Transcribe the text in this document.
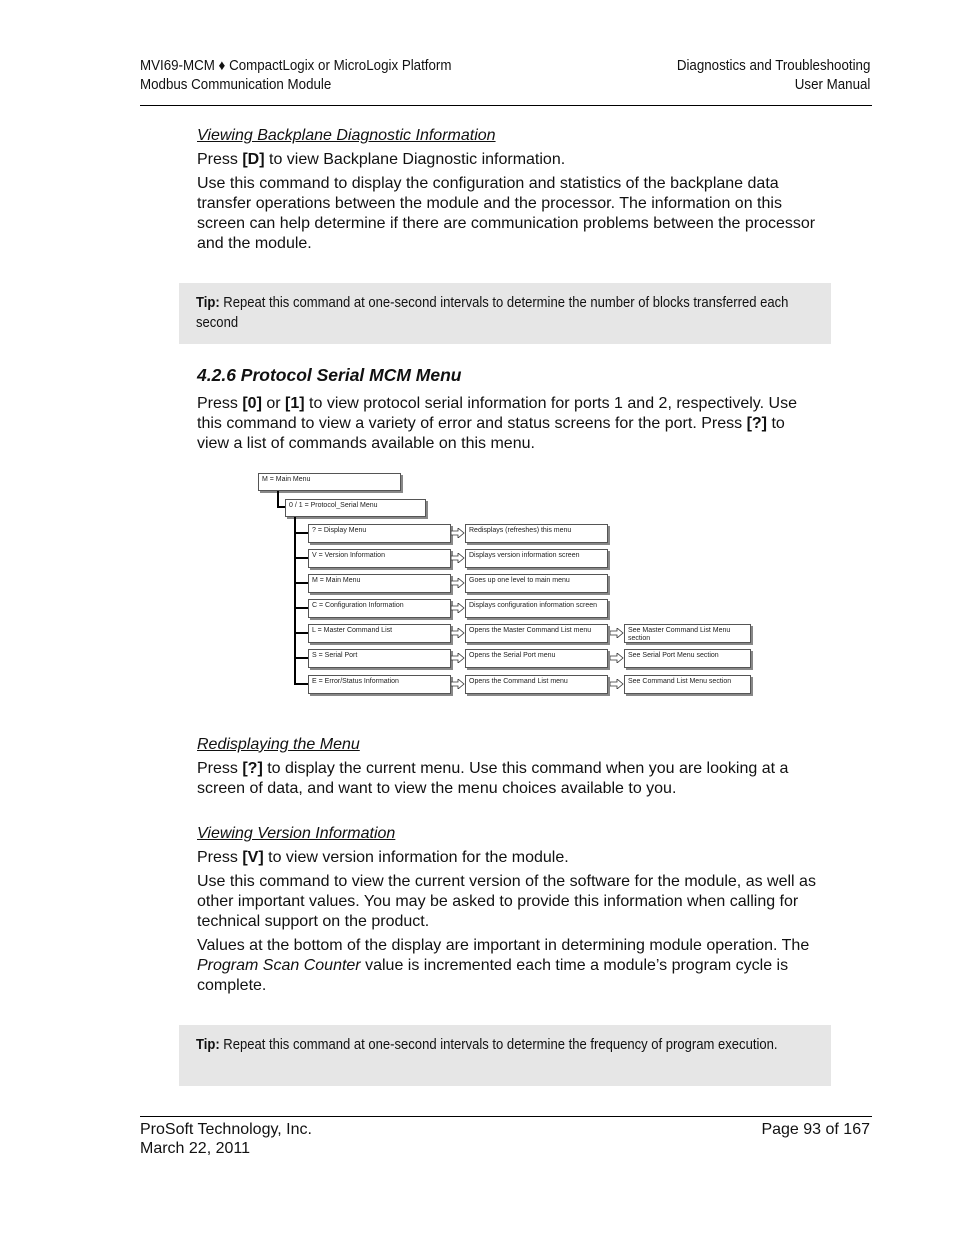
MVI69-MCM ♦ CompactLogix or MicroLogix Platform
Modbus Communication Module
Diagnostics and Troubleshooting
User Manual

Viewing Backplane Diagnostic Information

Press [D] to view Backplane Diagnostic information.

Use this command to display the configuration and statistics of the backplane data transfer operations between the module and the processor. The information on this screen can help determine if there are communication problems between the processor and the module.

Tip: Repeat this command at one-second intervals to determine the number of blocks transferred each second

4.2.6 Protocol Serial MCM Menu

Press [0] or [1] to view protocol serial information for ports 1 and 2, respectively. Use this command to view a variety of error and status screens for the port. Press [?] to view a list of commands available on this menu.

M = Main Menu
0 / 1 = Protocol_Serial Menu
? = Display Menu	Redisplays (refreshes) this menu
V = Version Information	Displays version information screen
M = Main Menu	Goes up one level to main menu
C = Configuration Information	Displays configuration information screen
L = Master Command List	Opens the Master Command List menu	See Master Command List Menu section
S = Serial Port	Opens the Serial Port menu	See Serial Port Menu section
E = Error/Status Information	Opens the Command List menu	See Command List Menu section

Redisplaying the Menu

Press [?] to display the current menu. Use this command when you are looking at a screen of data, and want to view the menu choices available to you.

Viewing Version Information

Press [V] to view version information for the module.

Use this command to view the current version of the software for the module, as well as other important values. You may be asked to provide this information when calling for technical support on the product.

Values at the bottom of the display are important in determining module operation. The Program Scan Counter value is incremented each time a module’s program cycle is complete.

Tip: Repeat this command at one-second intervals to determine the frequency of program execution.

ProSoft Technology, Inc.
March 22, 2011
Page 93 of 167
